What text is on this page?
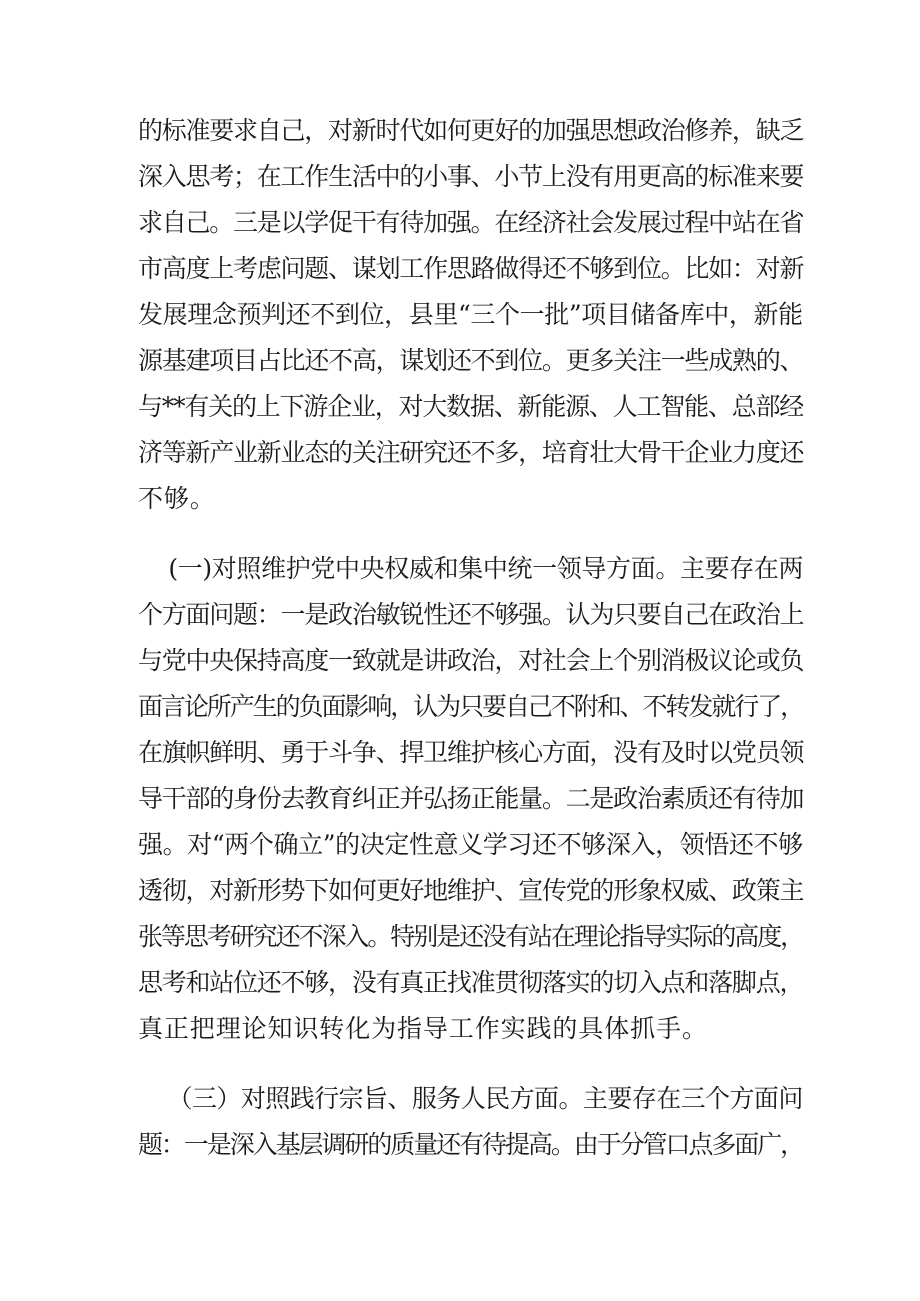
的标准要求自己，对新时代如何更好的加强思想政治修养，缺乏
深入思考；在工作生活中的小事、小节上没有用更高的标准来要
求自己。三是以学促干有待加强。在经济社会发展过程中站在省
市高度上考虑问题、谋划工作思路做得还不够到位。比如：对新
发展理念预判还不到位，县里“三个一批”项目储备库中，新能
源基建项目占比还不高，谋划还不到位。更多关注一些成熟的、
与**有关的上下游企业，对大数据、新能源、人工智能、总部经
济等新产业新业态的关注研究还不多，培育壮大骨干企业力度还
不够。
(一)对照维护党中央权威和集中统一领导方面。主要存在两
个方面问题：一是政治敏锐性还不够强。认为只要自己在政治上
与党中央保持高度一致就是讲政治，对社会上个别消极议论或负
面言论所产生的负面影响，认为只要自己不附和、不转发就行了，
在旗帜鲜明、勇于斗争、捍卫维护核心方面，没有及时以党员领
导干部的身份去教育纠正并弘扬正能量。二是政治素质还有待加
强。对“两个确立”的决定性意义学习还不够深入，领悟还不够
透彻，对新形势下如何更好地维护、宣传党的形象权威、政策主
张等思考研究还不深入。特别是还没有站在理论指导实际的高度，
思考和站位还不够，没有真正找准贯彻落实的切入点和落脚点，
真正把理论知识转化为指导工作实践的具体抓手。
（三）对照践行宗旨、服务人民方面。主要存在三个方面问
题：一是深入基层调研的质量还有待提高。由于分管口点多面广，
